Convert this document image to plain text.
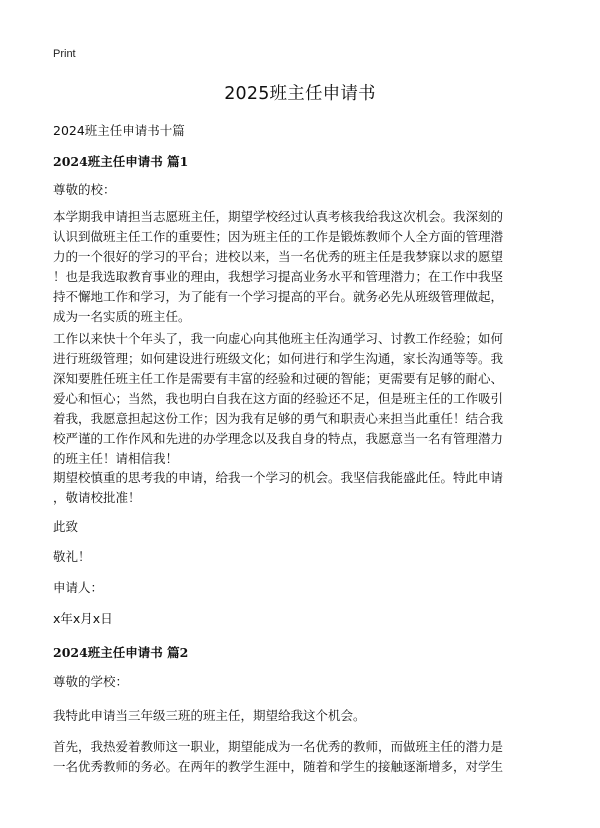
Print
2025班主任申请书
2024班主任申请书十篇
2024班主任申请书 篇1
尊敬的校：

本学期我申请担当志愿班主任，期望学校经过认真考核我给我这次机会。我深刻的

认识到做班主任工作的重要性；因为班主任的工作是锻炼教师个人全方面的管理潜

力的一个很好的学习的平台；进校以来，当一名优秀的班主任是我梦寐以求的愿望

！也是我选取教育事业的理由，我想学习提高业务水平和管理潜力；在工作中我坚

持不懈地工作和学习，为了能有一个学习提高的平台。就务必先从班级管理做起，

成为一名实质的班主任。

工作以来快十个年头了，我一向虚心向其他班主任沟通学习、讨教工作经验；如何

进行班级管理；如何建设进行班级文化；如何进行和学生沟通，家长沟通等等。我

深知要胜任班主任工作是需要有丰富的经验和过硬的智能；更需要有足够的耐心、

爱心和恒心；当然，我也明白自我在这方面的经验还不足，但是班主任的工作吸引

着我，我愿意担起这份工作；因为我有足够的勇气和职责心来担当此重任！结合我

校严谨的工作作风和先进的办学理念以及我自身的特点，我愿意当一名有管理潜力

的班主任！请相信我！

期望校慎重的思考我的申请，给我一个学习的机会。我坚信我能盛此任。特此申请

，敬请校批准！

此致
敬礼！
申请人：
x年x月x日
2024班主任申请书 篇2
尊敬的学校：

我特此申请当三年级三班的班主任，期望给我这个机会。

首先，我热爱着教师这一职业，期望能成为一名优秀的教师，而做班主任的潜力是

一名优秀教师的务必。在两年的教学生涯中，随着和学生的接触逐渐增多，对学生
